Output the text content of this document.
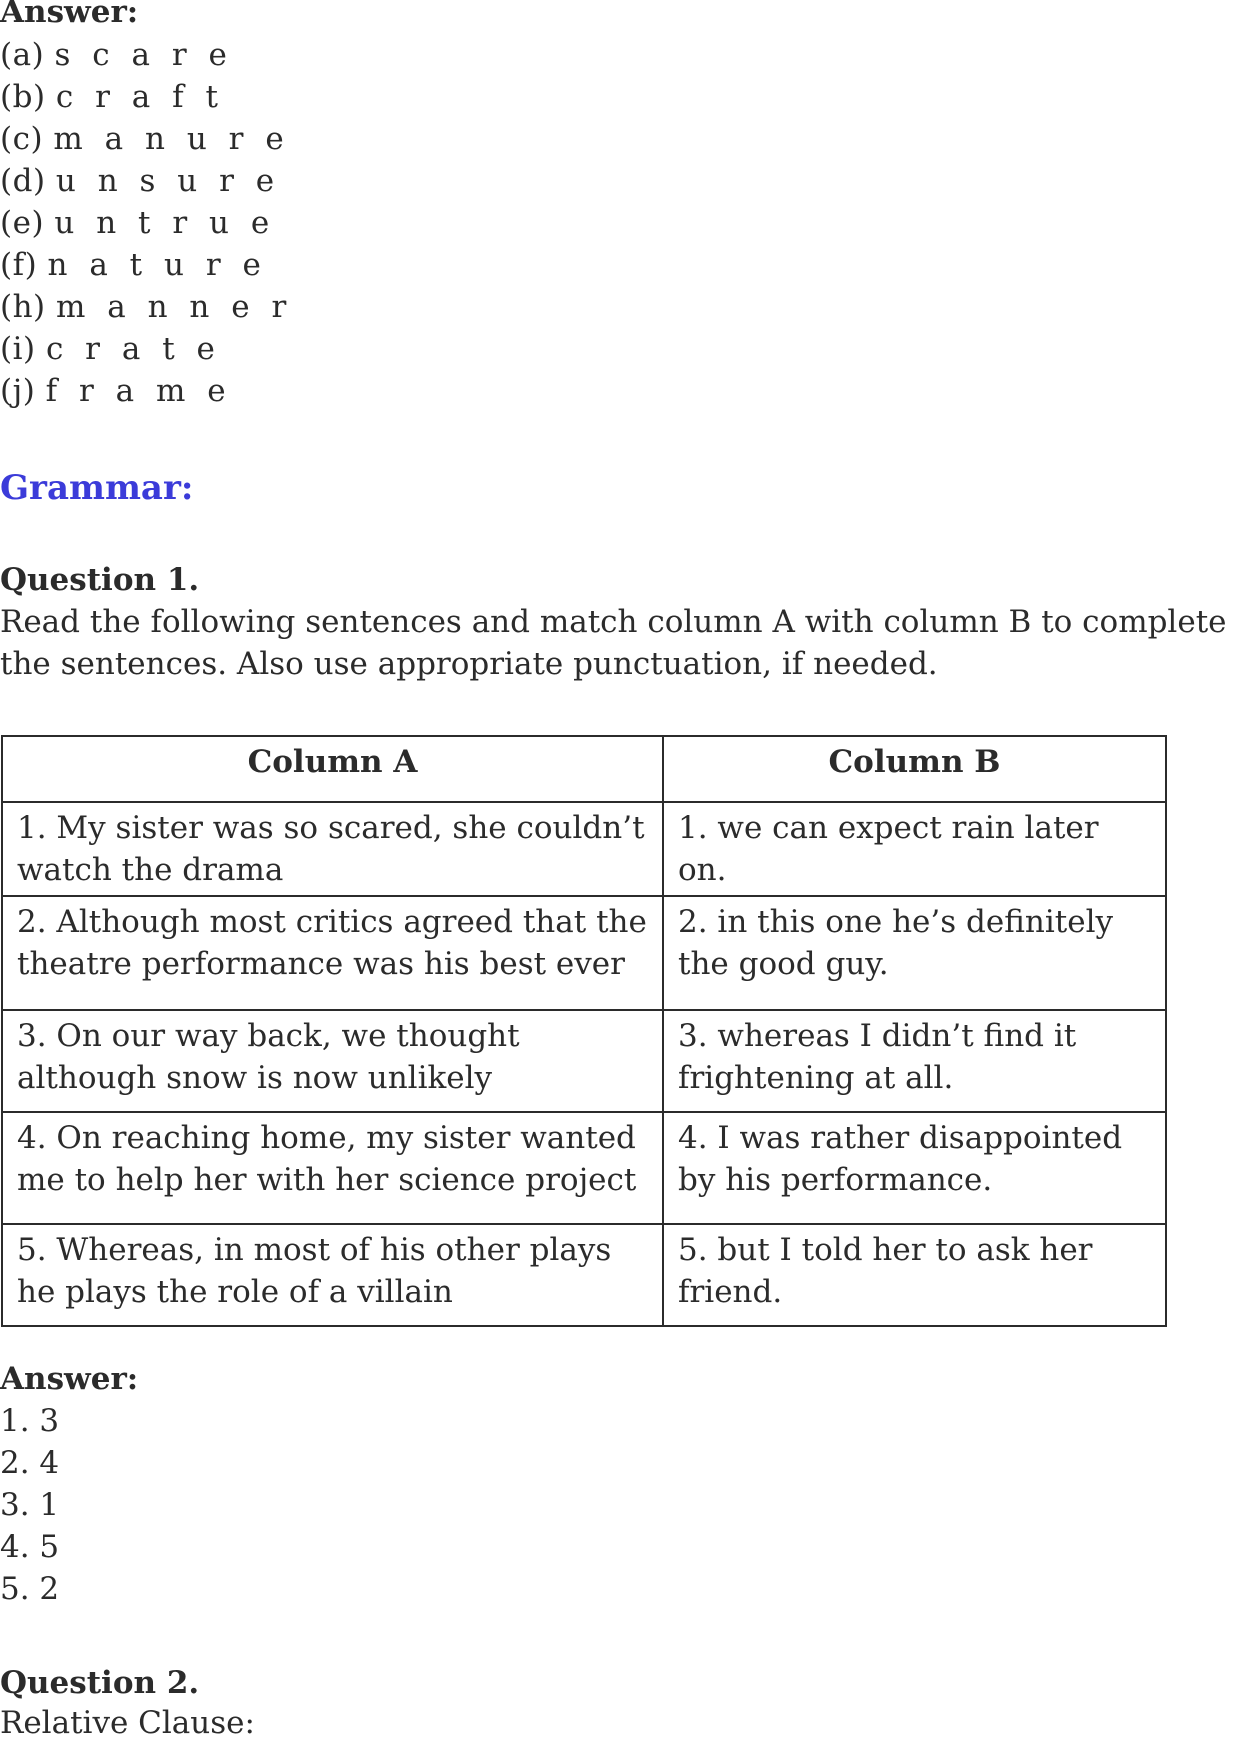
Answer:
(a) s c a r e
(b) c r a f t
(c) m a n u r e
(d) u n s u r e
(e) u n t r u e
(f) n a t u r e
(h) m a n n e r
(i) c r a t e
(j) f r a m e
Grammar:
Question 1.
Read the following sentences and match column A with column B to complete the sentences. Also use appropriate punctuation, if needed.
Column A	Column B
1. My sister was so scared, she couldn’t watch the drama	1. we can expect rain later on.
2. Although most critics agreed that the theatre performance was his best ever	2. in this one he’s definitely the good guy.
3. On our way back, we thought although snow is now unlikely	3. whereas I didn’t find it frightening at all.
4. On reaching home, my sister wanted me to help her with her science project	4. I was rather disappointed by his performance.
5. Whereas, in most of his other plays he plays the role of a villain	5. but I told her to ask her friend.
Answer:
1. 3
2. 4
3. 1
4. 5
5. 2
Question 2.
Relative Clause:
